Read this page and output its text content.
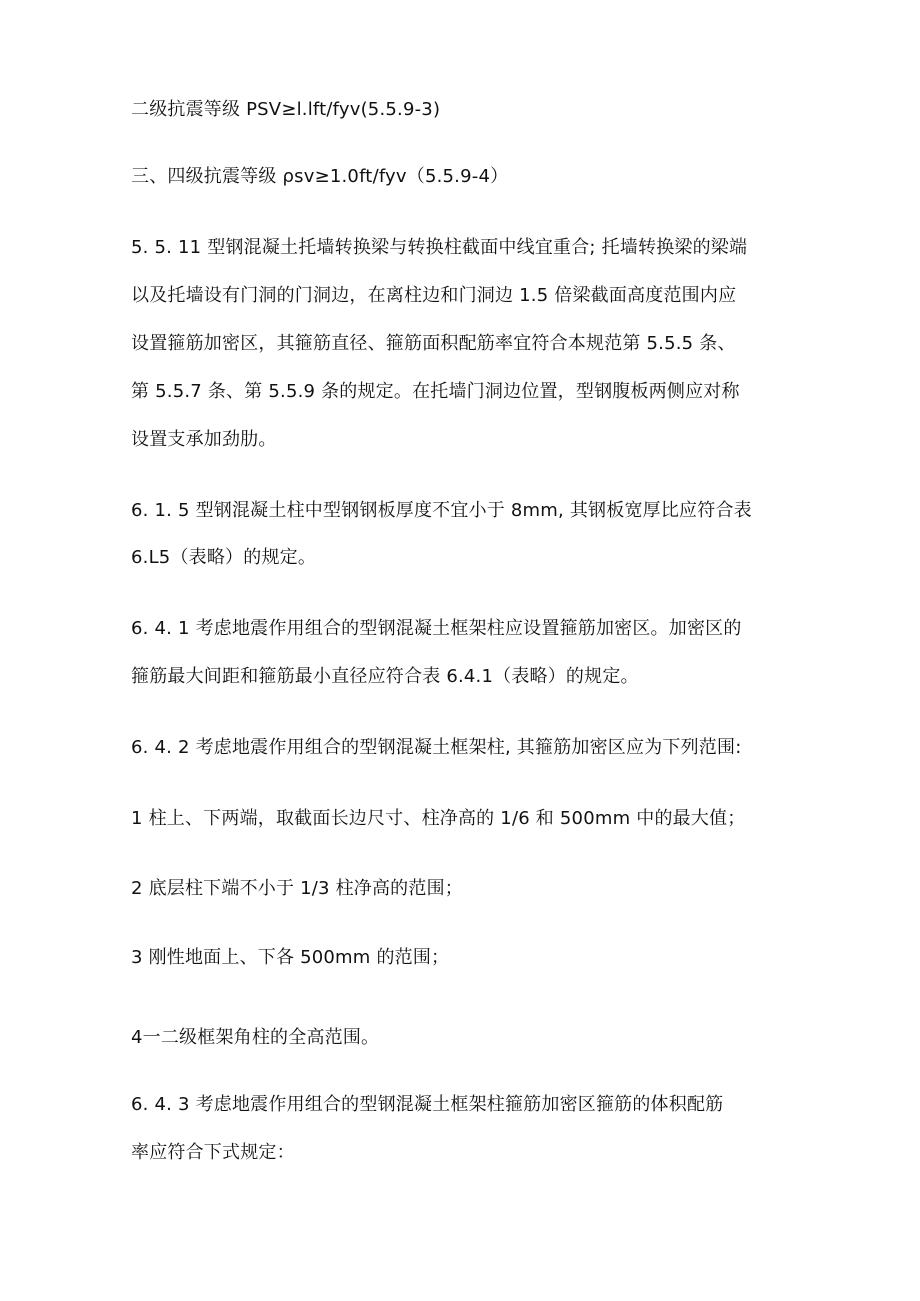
二级抗震等级 PSV≥l.lft∕fyv(5.5.9-3)
三、四级抗震等级 ρsv≥1.0ft∕fyv（5.5.9-4）
5. 5. 11 型钢混凝土托墙转换梁与转换柱截面中线宜重合; 托墙转换梁的梁端
以及托墙设有门洞的门洞边，在离柱边和门洞边 1.5 倍梁截面高度范围内应
设置箍筋加密区，其箍筋直径、箍筋面积配筋率宜符合本规范第 5.5.5 条、
第 5.5.7 条、第 5.5.9 条的规定。在托墙门洞边位置，型钢腹板两侧应对称
设置支承加劲肋。
6. 1. 5 型钢混凝土柱中型钢钢板厚度不宜小于 8mm, 其钢板宽厚比应符合表
6.L5（表略）的规定。
6. 4. 1 考虑地震作用组合的型钢混凝土框架柱应设置箍筋加密区。加密区的
箍筋最大间距和箍筋最小直径应符合表 6.4.1（表略）的规定。
6. 4. 2 考虑地震作用组合的型钢混凝土框架柱, 其箍筋加密区应为下列范围:
1 柱上、下两端，取截面长边尺寸、柱净高的 1/6 和 500mm 中的最大值；
2 底层柱下端不小于 1/3 柱净高的范围；
3 刚性地面上、下各 500mm 的范围；
4一二级框架角柱的全高范围。
6. 4. 3 考虑地震作用组合的型钢混凝土框架柱箍筋加密区箍筋的体积配筋
率应符合下式规定：
